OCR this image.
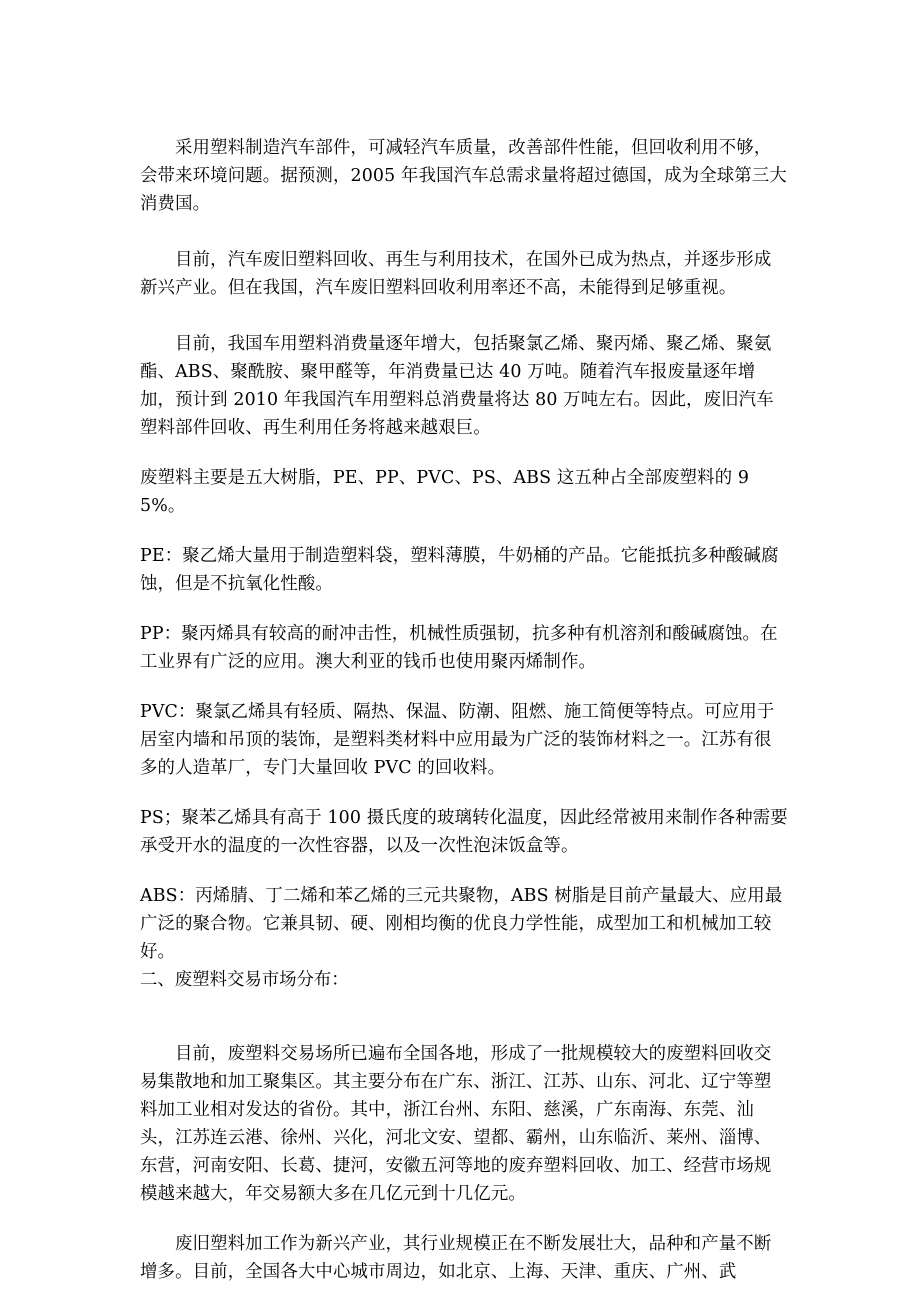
采用塑料制造汽车部件，可减轻汽车质量，改善部件性能，但回收利用不够，会带来环境问题。据预测，2005 年我国汽车总需求量将超过德国，成为全球第三大消费国。

目前，汽车废旧塑料回收、再生与利用技术，在国外已成为热点，并逐步形成新兴产业。但在我国，汽车废旧塑料回收利用率还不高，未能得到足够重视。

目前，我国车用塑料消费量逐年增大，包括聚氯乙烯、聚丙烯、聚乙烯、聚氨酯、ABS、聚酰胺、聚甲醛等，年消费量已达 40 万吨。随着汽车报废量逐年增加，预计到 2010 年我国汽车用塑料总消费量将达 80 万吨左右。因此，废旧汽车塑料部件回收、再生利用任务将越来越艰巨。

废塑料主要是五大树脂，PE、PP、PVC、PS、ABS 这五种占全部废塑料的 95%。

PE：聚乙烯大量用于制造塑料袋，塑料薄膜，牛奶桶的产品。它能抵抗多种酸碱腐蚀，但是不抗氧化性酸。

PP：聚丙烯具有较高的耐冲击性，机械性质强韧，抗多种有机溶剂和酸碱腐蚀。在工业界有广泛的应用。澳大利亚的钱币也使用聚丙烯制作。

PVC：聚氯乙烯具有轻质、隔热、保温、防潮、阻燃、施工简便等特点。可应用于居室内墙和吊顶的装饰，是塑料类材料中应用最为广泛的装饰材料之一。江苏有很多的人造革厂，专门大量回收 PVC 的回收料。

PS；聚苯乙烯具有高于 100 摄氏度的玻璃转化温度，因此经常被用来制作各种需要承受开水的温度的一次性容器，以及一次性泡沫饭盒等。

ABS：丙烯腈、丁二烯和苯乙烯的三元共聚物，ABS 树脂是目前产量最大、应用最广泛的聚合物。它兼具韧、硬、刚相均衡的优良力学性能，成型加工和机械加工较好。

二、废塑料交易市场分布：

目前，废塑料交易场所已遍布全国各地，形成了一批规模较大的废塑料回收交易集散地和加工聚集区。其主要分布在广东、浙江、江苏、山东、河北、辽宁等塑料加工业相对发达的省份。其中，浙江台州、东阳、慈溪，广东南海、东莞、汕头，江苏连云港、徐州、兴化，河北文安、望都、霸州，山东临沂、莱州、淄博、东营，河南安阳、长葛、捷河，安徽五河等地的废弃塑料回收、加工、经营市场规模越来越大，年交易额大多在几亿元到十几亿元。

废旧塑料加工作为新兴产业，其行业规模正在不断发展壮大，品种和产量不断增多。目前，全国各大中心城市周边，如北京、上海、天津、重庆、广州、武
